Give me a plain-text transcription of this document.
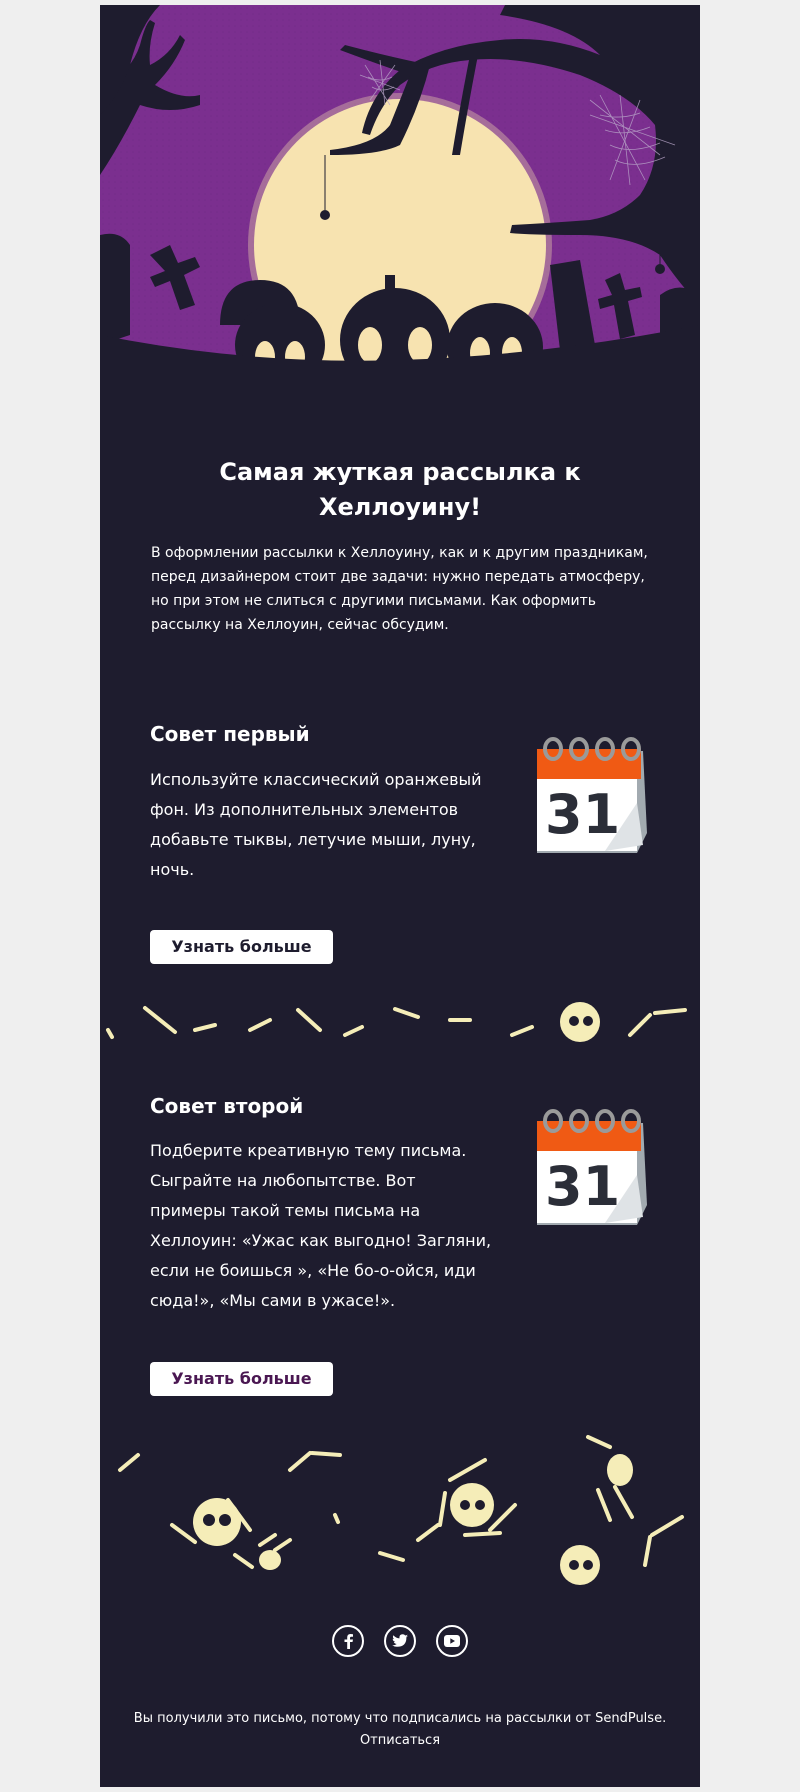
Самая жуткая рассылка к Хеллоуину!

В оформлении рассылки к Хеллоуину, как и к другим праздникам, перед дизайнером стоит две задачи: нужно передать атмосферу, но при этом не слиться с другими письмами. Как оформить рассылку на Хеллоуин, сейчас обсудим.

Совет первый

Используйте классический оранжевый фон. Из дополнительных элементов добавьте тыквы, летучие мыши, луну, ночь.

31
Узнать больше
Совет второй

Подберите креативную тему письма. Сыграйте на любопытстве. Вот примеры такой темы письма на Хеллоуин: «Ужас как выгодно! Загляни, если не боишься », «Не бо-о-ойся, иди сюда!», «Мы сами в ужасе!».

31
Узнать больше
Вы получили это письмо, потому что подписались на рассылки от SendPulse.
Отписаться
